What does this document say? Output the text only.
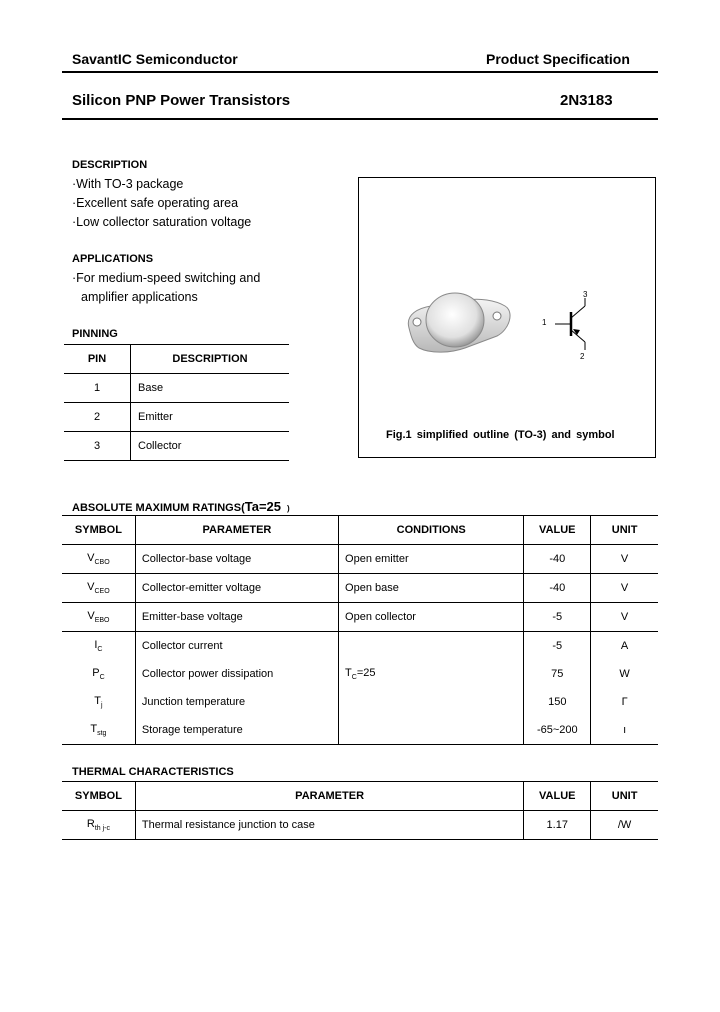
SavantIC Semiconductor	Product Specification
Silicon PNP Power Transistors	2N3183
DESCRIPTION
·With TO-3 package
·Excellent safe operating area
·Low collector saturation voltage
APPLICATIONS
·For medium-speed switching and
amplifier applications
PINNING
PIN	DESCRIPTION
1	Base
2	Emitter
3	Collector
1
2
3
Fig.1 simplified outline (TO-3) and symbol
ABSOLUTE MAXIMUM RATINGS(Ta=25 )
SYMBOL	PARAMETER	CONDITIONS	VALUE	UNIT
$V_{CBO}$	Collector-base voltage	Open emitter	-40	V
$V_{CEO}$	Collector-emitter voltage	Open base	-40	V
$V_{EBO}$	Emitter-base voltage	Open collector	-5	V
$I_C$	Collector current		-5	A
$P_C$	Collector power dissipation	$T_C=25$	75	W
$T_j$	Junction temperature		150	Γ
$T_{stg}$	Storage temperature		-65~200	ı
THERMAL CHARACTERISTICS
SYMBOL	PARAMETER	VALUE	UNIT
$R_{th j-c}$	Thermal resistance junction to case	1.17	/W
